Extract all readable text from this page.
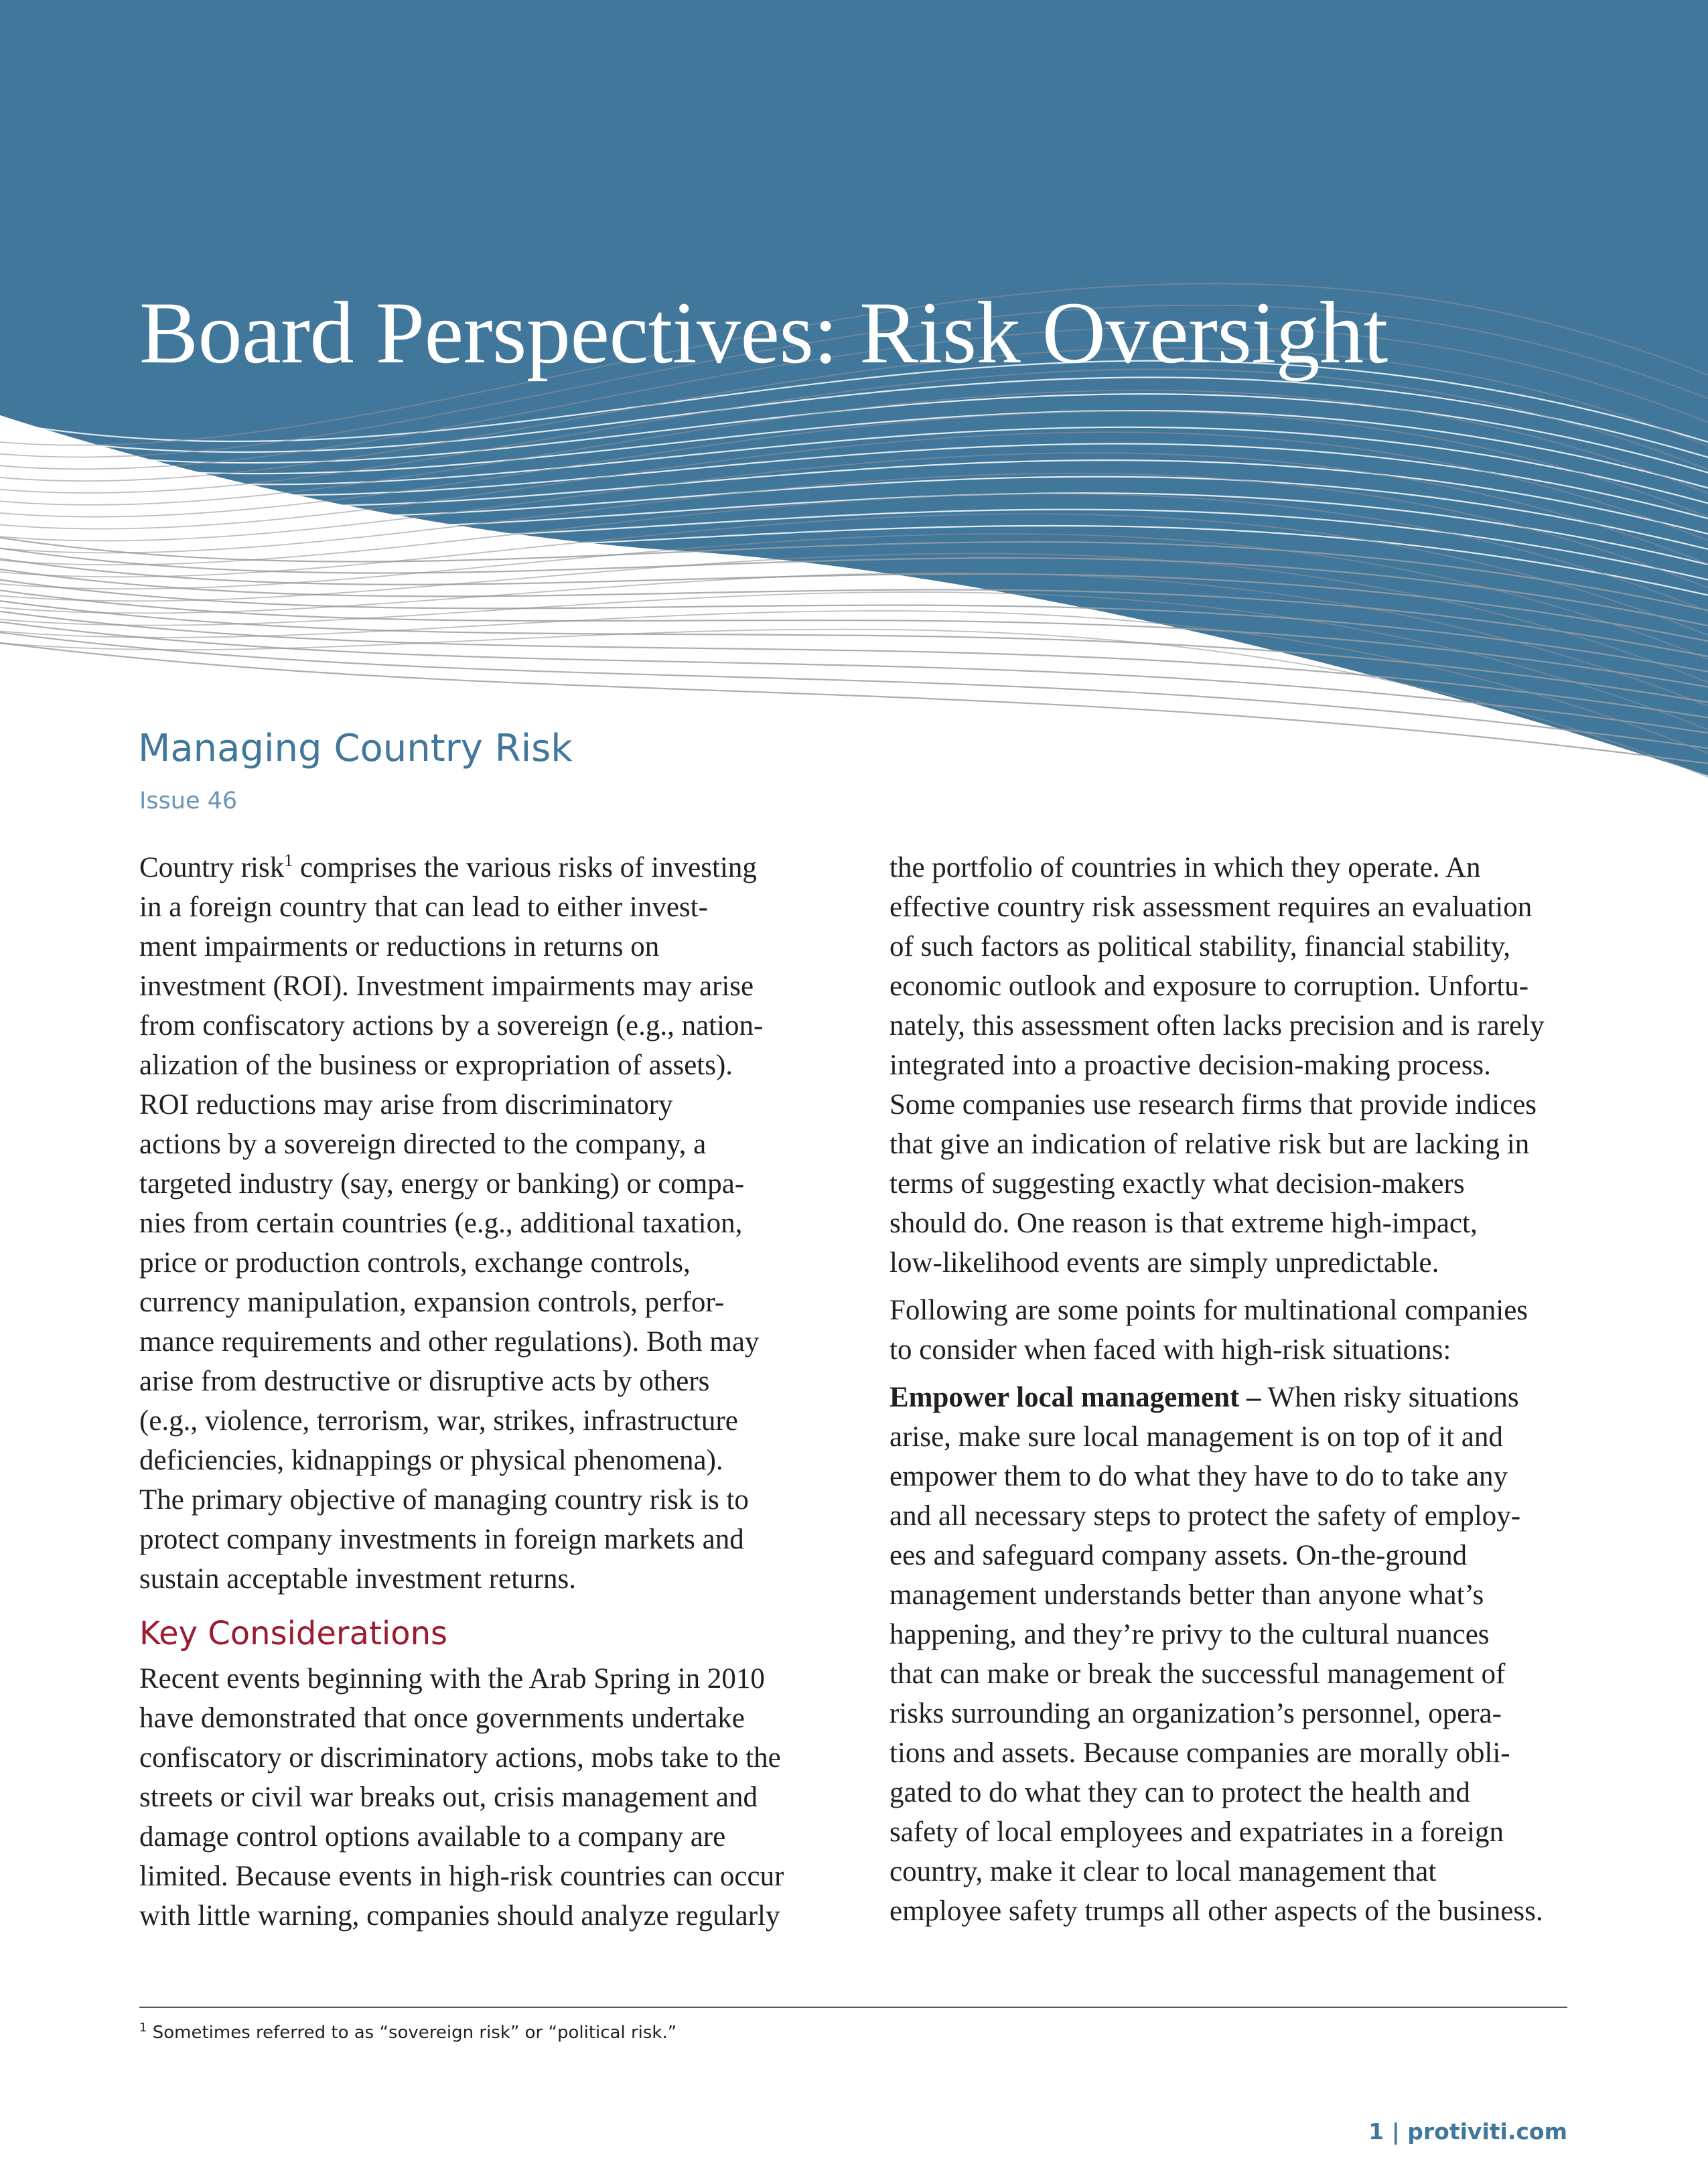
Board Perspectives: Risk Oversight
Managing Country Risk
Issue 46

Country risk$^1$ comprises the various risks of investing
in a foreign country that can lead to either invest-
ment impairments or reductions in returns on
investment (ROI). Investment impairments may arise
from confiscatory actions by a sovereign (e.g., nation-
alization of the business or expropriation of assets).
ROI reductions may arise from discriminatory
actions by a sovereign directed to the company, a
targeted industry (say, energy or banking) or compa-
nies from certain countries (e.g., additional taxation,
price or production controls, exchange controls,
currency manipulation, expansion controls, perfor-
mance requirements and other regulations). Both may
arise from destructive or disruptive acts by others
(e.g., violence, terrorism, war, strikes, infrastructure
deficiencies, kidnappings or physical phenomena).
The primary objective of managing country risk is to
protect company investments in foreign markets and
sustain acceptable investment returns.

Key Considerations

Recent events beginning with the Arab Spring in 2010
have demonstrated that once governments undertake
confiscatory or discriminatory actions, mobs take to the
streets or civil war breaks out, crisis management and
damage control options available to a company are
limited. Because events in high-risk countries can occur
with little warning, companies should analyze regularly

the portfolio of countries in which they operate. An
effective country risk assessment requires an evaluation
of such factors as political stability, financial stability,
economic outlook and exposure to corruption. Unfortu-
nately, this assessment often lacks precision and is rarely
integrated into a proactive decision-making process.
Some companies use research firms that provide indices
that give an indication of relative risk but are lacking in
terms of suggesting exactly what decision-makers
should do. One reason is that extreme high-impact,
low-likelihood events are simply unpredictable.

Following are some points for multinational companies
to consider when faced with high-risk situations:

Empower local management – When risky situations
arise, make sure local management is on top of it and
empower them to do what they have to do to take any
and all necessary steps to protect the safety of employ-
ees and safeguard company assets. On-the-ground
management understands better than anyone what’s
happening, and they’re privy to the cultural nuances
that can make or break the successful management of
risks surrounding an organization’s personnel, opera-
tions and assets. Because companies are morally obli-
gated to do what they can to protect the health and
safety of local employees and expatriates in a foreign
country, make it clear to local management that
employee safety trumps all other aspects of the business.

$^1$ Sometimes referred to as “sovereign risk” or “political risk.”
1 | protiviti.com
